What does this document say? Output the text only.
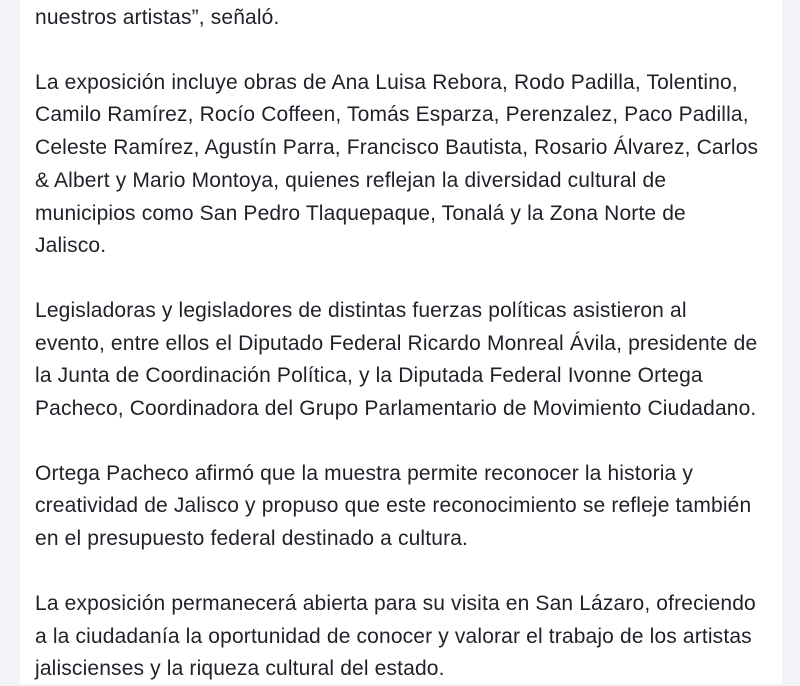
nuestros artistas”, señaló.

La exposición incluye obras de Ana Luisa Rebora, Rodo Padilla, Tolentino,
Camilo Ramírez, Rocío Coffeen, Tomás Esparza, Perenzalez, Paco Padilla,
Celeste Ramírez, Agustín Parra, Francisco Bautista, Rosario Álvarez, Carlos
& Albert y Mario Montoya, quienes reflejan la diversidad cultural de
municipios como San Pedro Tlaquepaque, Tonalá y la Zona Norte de
Jalisco.

Legisladoras y legisladores de distintas fuerzas políticas asistieron al
evento, entre ellos el Diputado Federal Ricardo Monreal Ávila, presidente de
la Junta de Coordinación Política, y la Diputada Federal Ivonne Ortega
Pacheco, Coordinadora del Grupo Parlamentario de Movimiento Ciudadano.

Ortega Pacheco afirmó que la muestra permite reconocer la historia y
creatividad de Jalisco y propuso que este reconocimiento se refleje también
en el presupuesto federal destinado a cultura.

La exposición permanecerá abierta para su visita en San Lázaro, ofreciendo
a la ciudadanía la oportunidad de conocer y valorar el trabajo de los artistas
jaliscienses y la riqueza cultural del estado.
